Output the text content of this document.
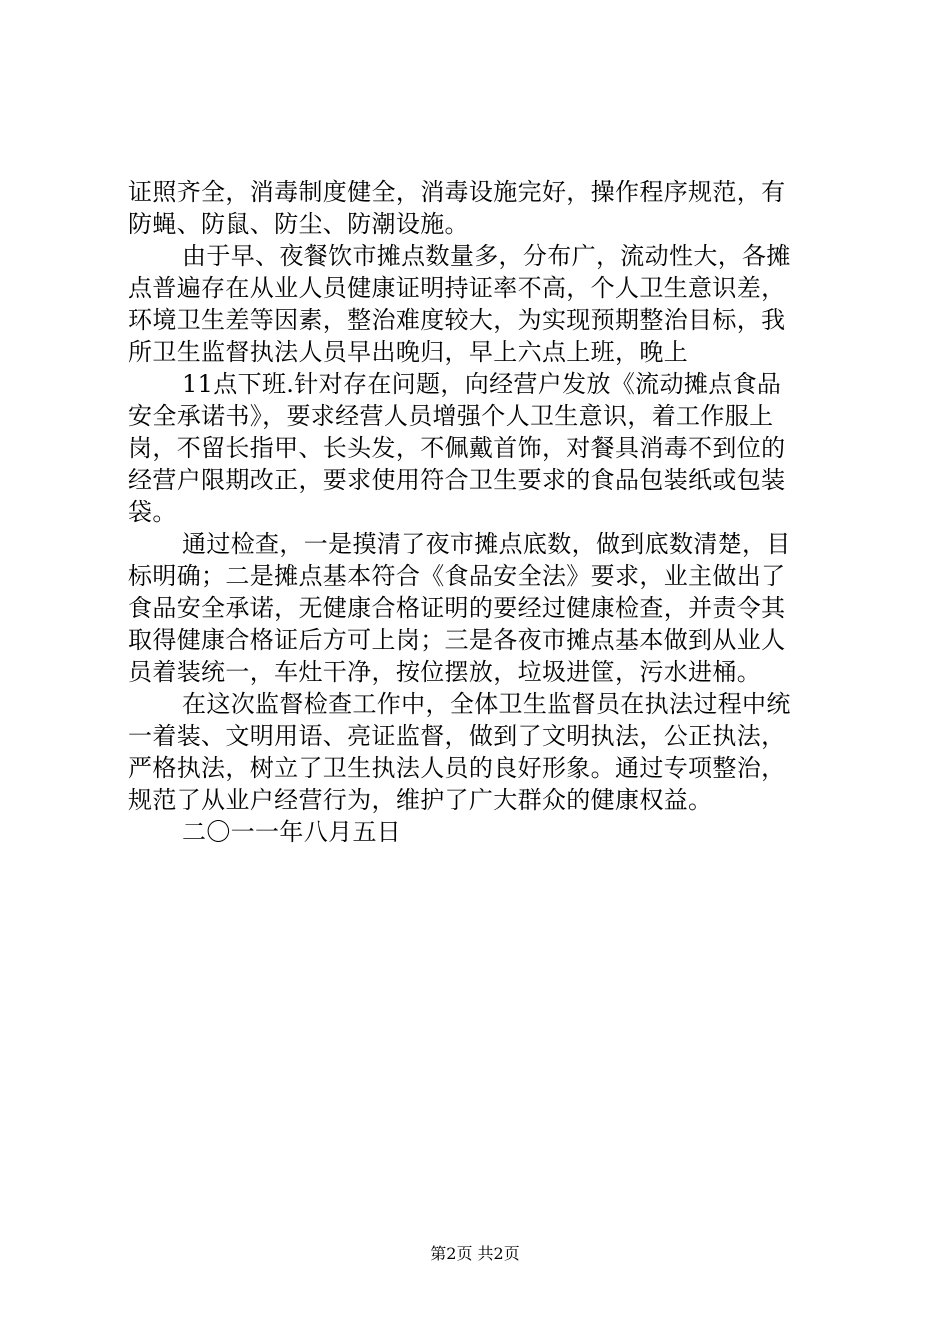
证照齐全，消毒制度健全，消毒设施完好，操作程序规范，有
防蝇、防鼠、防尘、防潮设施。
由于早、夜餐饮市摊点数量多，分布广，流动性大，各摊
点普遍存在从业人员健康证明持证率不高，个人卫生意识差，
环境卫生差等因素，整治难度较大，为实现预期整治目标，我
所卫生监督执法人员早出晚归，早上六点上班，晚上
11点下班.针对存在问题，向经营户发放《流动摊点食品
安全承诺书》，要求经营人员增强个人卫生意识，着工作服上
岗，不留长指甲、长头发，不佩戴首饰，对餐具消毒不到位的
经营户限期改正，要求使用符合卫生要求的食品包装纸或包装
袋。
通过检查，一是摸清了夜市摊点底数，做到底数清楚，目
标明确；二是摊点基本符合《食品安全法》要求，业主做出了
食品安全承诺，无健康合格证明的要经过健康检查，并责令其
取得健康合格证后方可上岗；三是各夜市摊点基本做到从业人
员着装统一，车灶干净，按位摆放，垃圾进筐，污水进桶。
在这次监督检查工作中，全体卫生监督员在执法过程中统
一着装、文明用语、亮证监督，做到了文明执法，公正执法，
严格执法，树立了卫生执法人员的良好形象。通过专项整治，
规范了从业户经营行为，维护了广大群众的健康权益。
二〇一一年八月五日
第2页 共2页
